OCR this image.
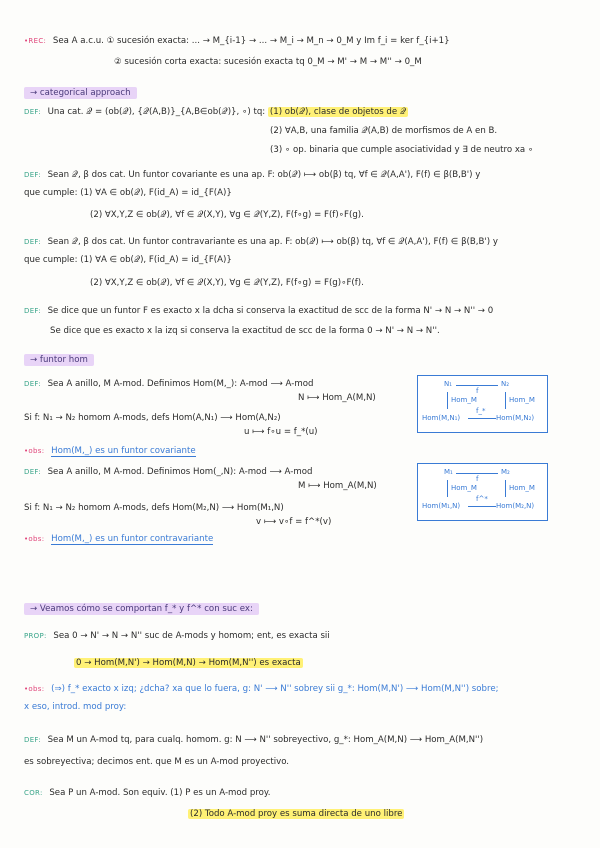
•REC: Sea A a.c.u. ① sucesión exacta: ... → M_{i-1} → ... → M_i → M_n → 0_M y Im f_i = ker f_{i+1}
② sucesión corta exacta: sucesión exacta tq 0_M → M' → M → M'' → 0_M
→ categorical approach
DEF: Una cat. 𝒬 = (ob(𝒬), {𝒬(A,B)}_{A,B∈ob(𝒬)}, ∘) tq: (1) ob(𝒬), clase de objetos de 𝒬
(2) ∀A,B, una familia 𝒬(A,B) de morfismos de A en B.
(3) ∘ op. binaria que cumple asociatividad y ∃ de neutro xa ∘
DEF: Sean 𝒬, β dos cat. Un funtor covariante es una ap. F: ob(𝒬) ⟼ ob(β) tq, ∀f ∈ 𝒬(A,A'), F(f) ∈ β(B,B') y
que cumple: (1) ∀A ∈ ob(𝒬), F(id_A) = id_{F(A)}
(2) ∀X,Y,Z ∈ ob(𝒬), ∀f ∈ 𝒬(X,Y), ∀g ∈ 𝒬(Y,Z), F(f∘g) = F(f)∘F(g).
DEF: Sean 𝒬, β dos cat. Un funtor contravariante es una ap. F: ob(𝒬) ⟼ ob(β) tq, ∀f ∈ 𝒬(A,A'), F(f) ∈ β(B,B') y
que cumple: (1) ∀A ∈ ob(𝒬), F(id_A) = id_{F(A)}
(2) ∀X,Y,Z ∈ ob(𝒬), ∀f ∈ 𝒬(X,Y), ∀g ∈ 𝒬(Y,Z), F(f∘g) = F(g)∘F(f).
DEF: Se dice que un funtor F es exacto x la dcha si conserva la exactitud de scc de la forma N' → N → N'' → 0
Se dice que es exacto x la izq si conserva la exactitud de scc de la forma 0 → N' → N → N''.
→ funtor hom
DEF: Sea A anillo, M A-mod. Definimos Hom(M,_): A-mod ⟶ A-mod
N ⟼ Hom_A(M,N)
Si f: N₁ → N₂ homom A-mods, defs Hom(A,N₁) ⟶ Hom(A,N₂)
u ⟼ f∘u = f_*(u)
•obs: Hom(M,_) es un funtor covariante
N₁	N₂
f
Hom_M	Hom_M
f_*
Hom(M,N₁)	Hom(M,N₂)
DEF: Sea A anillo, M A-mod. Definimos Hom(_,N): A-mod ⟶ A-mod
M ⟼ Hom_A(M,N)
Si f: N₁ → N₂ homom A-mods, defs Hom(M₂,N) ⟶ Hom(M₁,N)
v ⟼ v∘f = f^*(v)
•obs: Hom(M,_) es un funtor contravariante
M₁	M₂
f
Hom_M	Hom_M
f^*
Hom(M₁,N)	Hom(M₂,N)
→ Veamos cómo se comportan f_* y f^* con suc ex:
PROP: Sea 0 → N' → N → N'' suc de A-mods y homom; ent, es exacta sii
0 → Hom(M,N') → Hom(M,N) → Hom(M,N'') es exacta
•obs: (⇒) f_* exacto x izq; ¿dcha? xa que lo fuera, g: N' ⟶ N'' sobrey sii g_*: Hom(M,N') ⟶ Hom(M,N'') sobre;
x eso, introd. mod proy:
DEF: Sea M un A-mod tq, para cualq. homom. g: N ⟶ N'' sobreyectivo, g_*: Hom_A(M,N) ⟶ Hom_A(M,N'')
es sobreyectiva; decimos ent. que M es un A-mod proyectivo.
COR: Sea P un A-mod. Son equiv. (1) P es un A-mod proy.
(2) Todo A-mod proy es suma directa de uno libre
